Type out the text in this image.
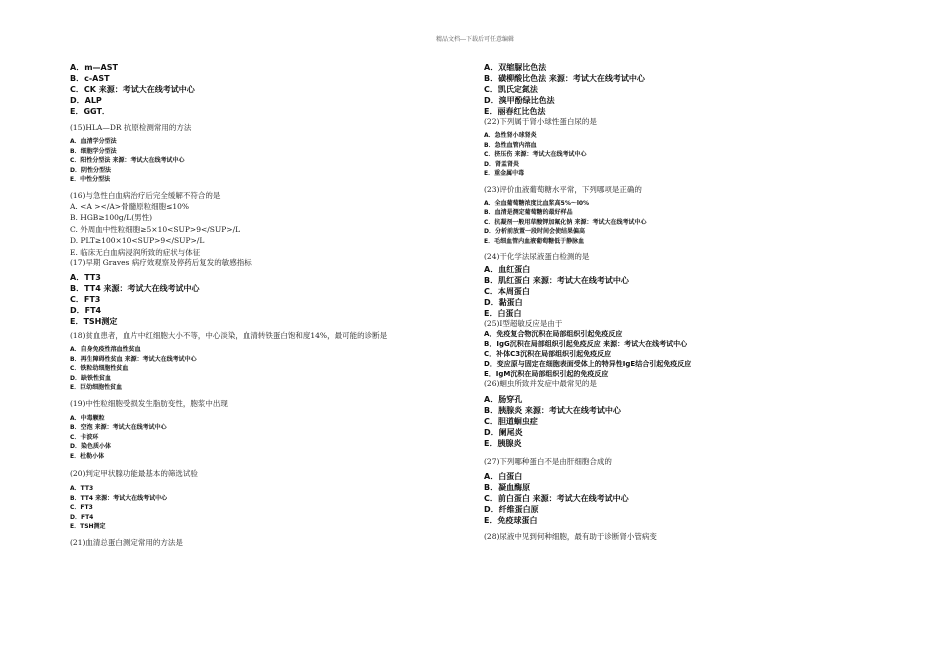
精品文档---下载后可任意编辑
A．m—AST
B．c-AST
C．CK 来源：考试大在线考试中心
D．ALP
E．GGT．
(15)HLA—DR 抗原检测常用的方法
A．血清学分型法
B．细胞学分型法
C．阳性分型法 来源：考试大在线考试中心
D．阴性分型法
E．中性分型法
(16)与急性白血病治疗后完全缓解不符合的是
A. <A ></A>骨髓原粒细胞≤10%
B. HGB≥100g/L(男性)
C. 外周血中性粒细胞≥5×10<SUP>9</SUP>/L
D. PLT≥100×10<SUP>9</SUP>/L
E. 临床无白血病浸润所致的症状与体征
(17)早期 Graves 病疗效观察及停药后复发的敏感指标
A．TT3
B．TT4 来源：考试大在线考试中心
C．FT3
D．FT4
E．TSH测定
(18)贫血患者，血片中红细胞大小不等，中心淡染，血清转铁蛋白饱和度14%，最可能的诊断是
A．自身免疫性溶血性贫血
B．再生障碍性贫血 来源：考试大在线考试中心
C．铁粒幼细胞性贫血
D．缺铁性贫血
E．巨幼细胞性贫血
(19)中性粒细胞受损发生脂肪变性，胞浆中出现
A．中毒颗粒
B．空泡 来源：考试大在线考试中心
C．卡波环
D．染色质小体
E．杜勒小体
(20)判定甲状腺功能最基本的筛选试验
A．TT3
B．TT4 来源：考试大在线考试中心
C．FT3
D．FT4
E．TSH测定
(21)血清总蛋白测定常用的方法是
A．双缩脲比色法
B．磺柳酸比色法 来源：考试大在线考试中心
C．凯氏定氮法
D．溴甲酚绿比色法
E．丽春红比色法
(22)下列属于肾小球性蛋白尿的是
A．急性肾小球肾炎
B．急性血管内溶血
C．挤压伤 来源：考试大在线考试中心
D．肾盂肾炎
E．重金属中毒
(23)评价血液葡萄糖水平常，下列哪项是正确的
A．全血葡萄糖浓度比血浆高5%～l0%
B．血清是测定葡萄糖的最好样品
C．抗凝剂一般用草酸钾加氟化钠 来源：考试大在线考试中心
D．分析前放置一段时间会使结果偏高
E．毛细血管内血液葡萄糖低于静脉血
(24)干化学法尿液蛋白检测的是
A．血红蛋白
B．肌红蛋白 来源：考试大在线考试中心
C．本周蛋白
D．黏蛋白
E．白蛋白
(25)Ⅰ型超敏反应是由于
A．免疫复合物沉积在局部组织引起免疫反应
B．IgG沉积在局部组织引起免疫反应 来源：考试大在线考试中心
C．补体C3沉积在局部组织引起免疫反应
D．变应原与固定在细胞表面受体上的特异性IgE结合引起免疫反应
E．IgM沉积在局部组织引起的免疫反应
(26)蛔虫所致并发症中最常见的是
A．肠穿孔
B．胰腺炎 来源：考试大在线考试中心
C．胆道蛔虫症
D．阑尾炎
E．胰腺炎
(27)下列哪种蛋白不是由肝细胞合成的
A．白蛋白
B．凝血酶原
C．前白蛋白 来源：考试大在线考试中心
D．纤维蛋白原
E．免疫球蛋白
(28)尿液中见到何种细胞，最有助于诊断肾小管病变
